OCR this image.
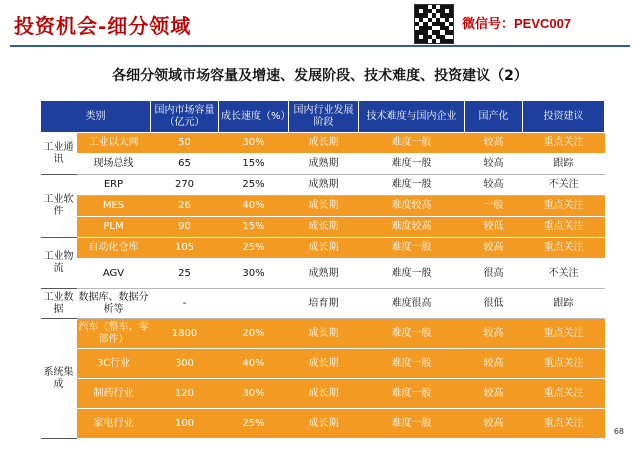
投资机会-细分领域	微信号：PEVC007
各细分领域市场容量及增速、发展阶段、技术难度、投资建议（2）
类别		国内市场容量（亿元）	成长速度（%）	国内行业发展阶段	技术难度与国内企业	国产化	投资建议
工业通讯	工业以太网	50	30%	成长期	难度一般	较高	重点关注
	现场总线	65	15%	成熟期	难度一般	较高	跟踪
工业软件	ERP	270	25%	成熟期	难度一般	较高	不关注
	MES	26	40%	成长期	难度较高	一般	重点关注
	PLM	90	15%	成长期	难度较高	较低	重点关注
工业物流	自动化仓库	105	25%	成长期	难度一般	较高	重点关注
	AGV	25	30%	成熟期	难度一般	很高	不关注
工业数据	数据库、数据分析等	-		培育期	难度很高	很低	跟踪
系统集成	汽车（整车、零部件）	1800	20%	成长期	难度一般	较高	重点关注
	3C行业	300	40%	成长期	难度一般	较高	重点关注
	制药行业	120	30%	成长期	难度一般	较高	重点关注
	家电行业	100	25%	成长期	难度一般	较高	重点关注
68
